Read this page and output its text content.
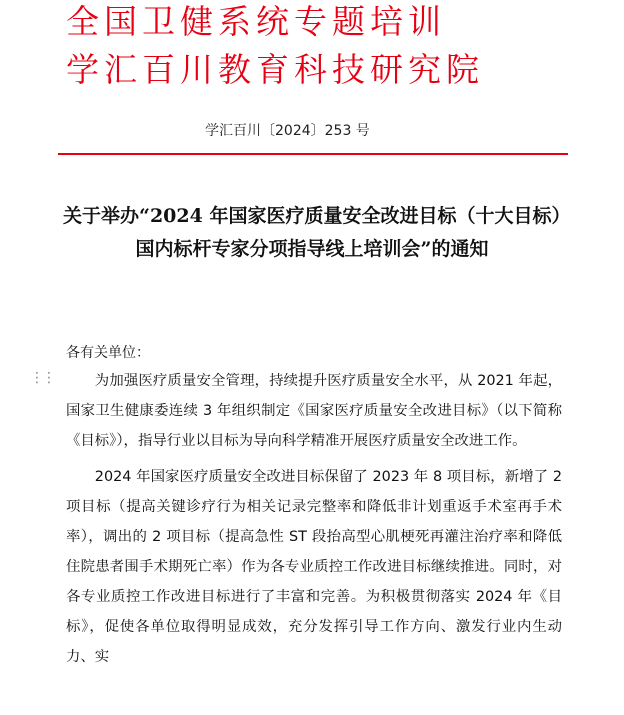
全国卫健系统专题培训
学汇百川教育科技研究院
学汇百川〔2024〕253 号
关于举办“2024 年国家医疗质量安全改进目标（十大目标）国内标杆专家分项指导线上培训会”的通知
各有关单位：
⋮⋮	为加强医疗质量安全管理，持续提升医疗质量安全水平，从 2021 年起，国家卫生健康委连续 3 年组织制定《国家医疗质量安全改进目标》（以下简称《目标》），指导行业以目标为导向科学精准开展医疗质量安全改进工作。

2024 年国家医疗质量安全改进目标保留了 2023 年 8 项目标，新增了 2 项目标（提高关键诊疗行为相关记录完整率和降低非计划重返手术室再手术率），调出的 2 项目标（提高急性 ST 段抬高型心肌梗死再灌注治疗率和降低住院患者围手术期死亡率）作为各专业质控工作改进目标继续推进。同时，对各专业质控工作改进目标进行了丰富和完善。为积极贯彻落实 2024 年《目标》，促使各单位取得明显成效，充分发挥引导工作方向、激发行业内生动力、实
